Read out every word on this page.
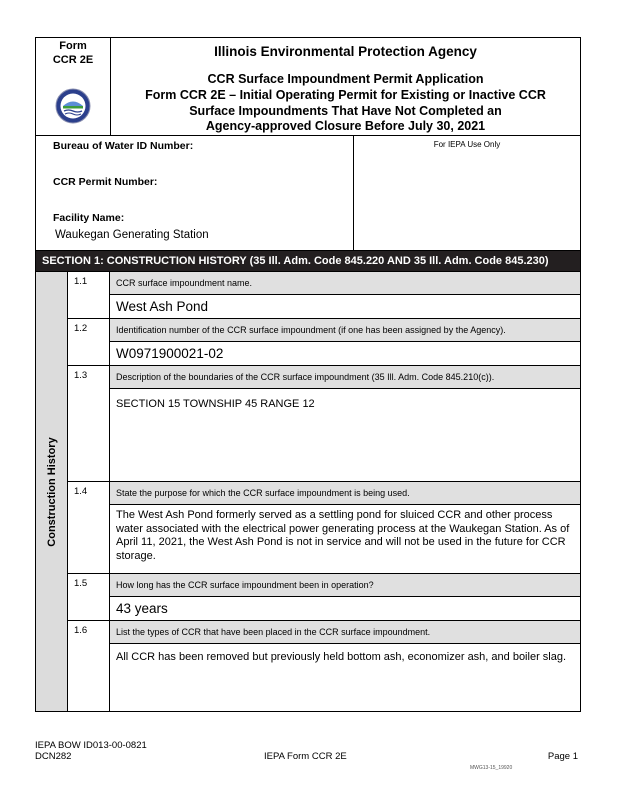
Form
CCR 2E
Illinois Environmental Protection Agency
CCR Surface Impoundment Permit Application
Form CCR 2E – Initial Operating Permit for Existing or Inactive CCR
Surface Impoundments That Have Not Completed an
Agency-approved Closure Before July 30, 2021
Bureau of Water ID Number:
CCR Permit Number:
Facility Name:
Waukegan Generating Station
For IEPA Use Only
SECTION 1: CONSTRUCTION HISTORY (35 Ill. Adm. Code 845.220 AND 35 Ill. Adm. Code 845.230)
Construction History
1.1	CCR surface impoundment name.
West Ash Pond
1.2	Identification number of the CCR surface impoundment (if one has been assigned by the Agency).
W0971900021-02
1.3	Description of the boundaries of the CCR surface impoundment (35 Ill. Adm. Code 845.210(c)).
SECTION 15 TOWNSHIP 45 RANGE 12
1.4	State the purpose for which the CCR surface impoundment is being used.
The West Ash Pond formerly served as a settling pond for sluiced CCR and other process water associated with the electrical power generating process at the Waukegan Station. As of April 11, 2021, the West Ash Pond is not in service and will not be used in the future for CCR storage.
1.5	How long has the CCR surface impoundment been in operation?
43 years
1.6	List the types of CCR that have been placed in the CCR surface impoundment.
All CCR has been removed but previously held bottom ash, economizer ash, and boiler slag.
IEPA BOW ID013-00-0821
DCN282	IEPA Form CCR 2E	Page 1
MWG13-15_19920
